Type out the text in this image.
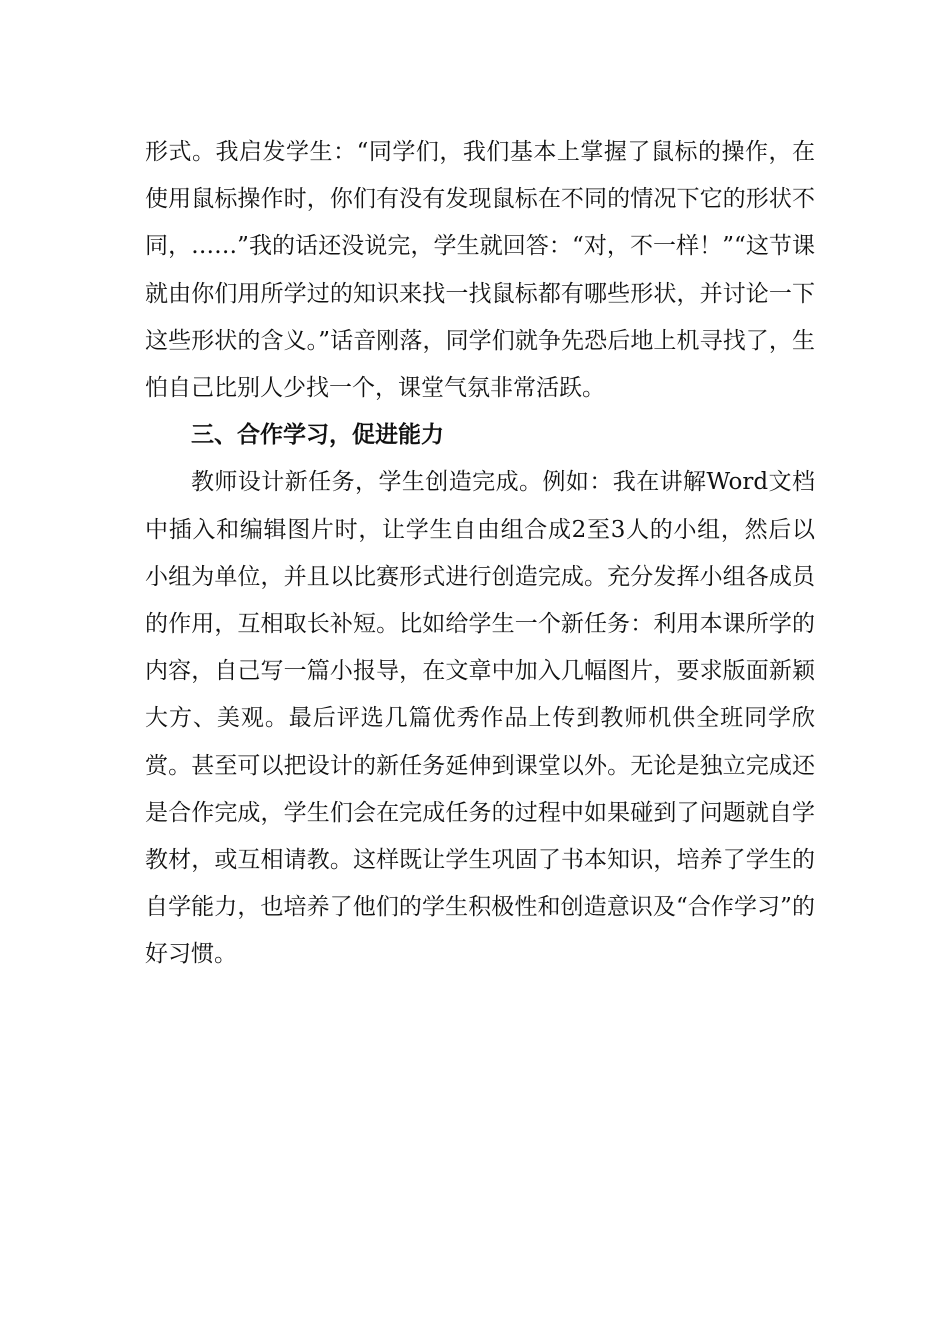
形式。我启发学生：“同学们，我们基本上掌握了鼠标的操作，在使用鼠标操作时，你们有没有发现鼠标在不同的情况下它的形状不同，……”我的话还没说完，学生就回答：“对，不一样！”“这节课就由你们用所学过的知识来找一找鼠标都有哪些形状，并讨论一下这些形状的含义。”话音刚落，同学们就争先恐后地上机寻找了，生怕自己比别人少找一个，课堂气氛非常活跃。

三、合作学习，促进能力

教师设计新任务，学生创造完成。例如：我在讲解Word文档中插入和编辑图片时，让学生自由组合成2至3人的小组，然后以小组为单位，并且以比赛形式进行创造完成。充分发挥小组各成员的作用，互相取长补短。比如给学生一个新任务：利用本课所学的内容，自己写一篇小报导，在文章中加入几幅图片，要求版面新颖大方、美观。最后评选几篇优秀作品上传到教师机供全班同学欣赏。甚至可以把设计的新任务延伸到课堂以外。无论是独立完成还是合作完成，学生们会在完成任务的过程中如果碰到了问题就自学教材，或互相请教。这样既让学生巩固了书本知识，培养了学生的自学能力，也培养了他们的学生积极性和创造意识及“合作学习”的好习惯。
